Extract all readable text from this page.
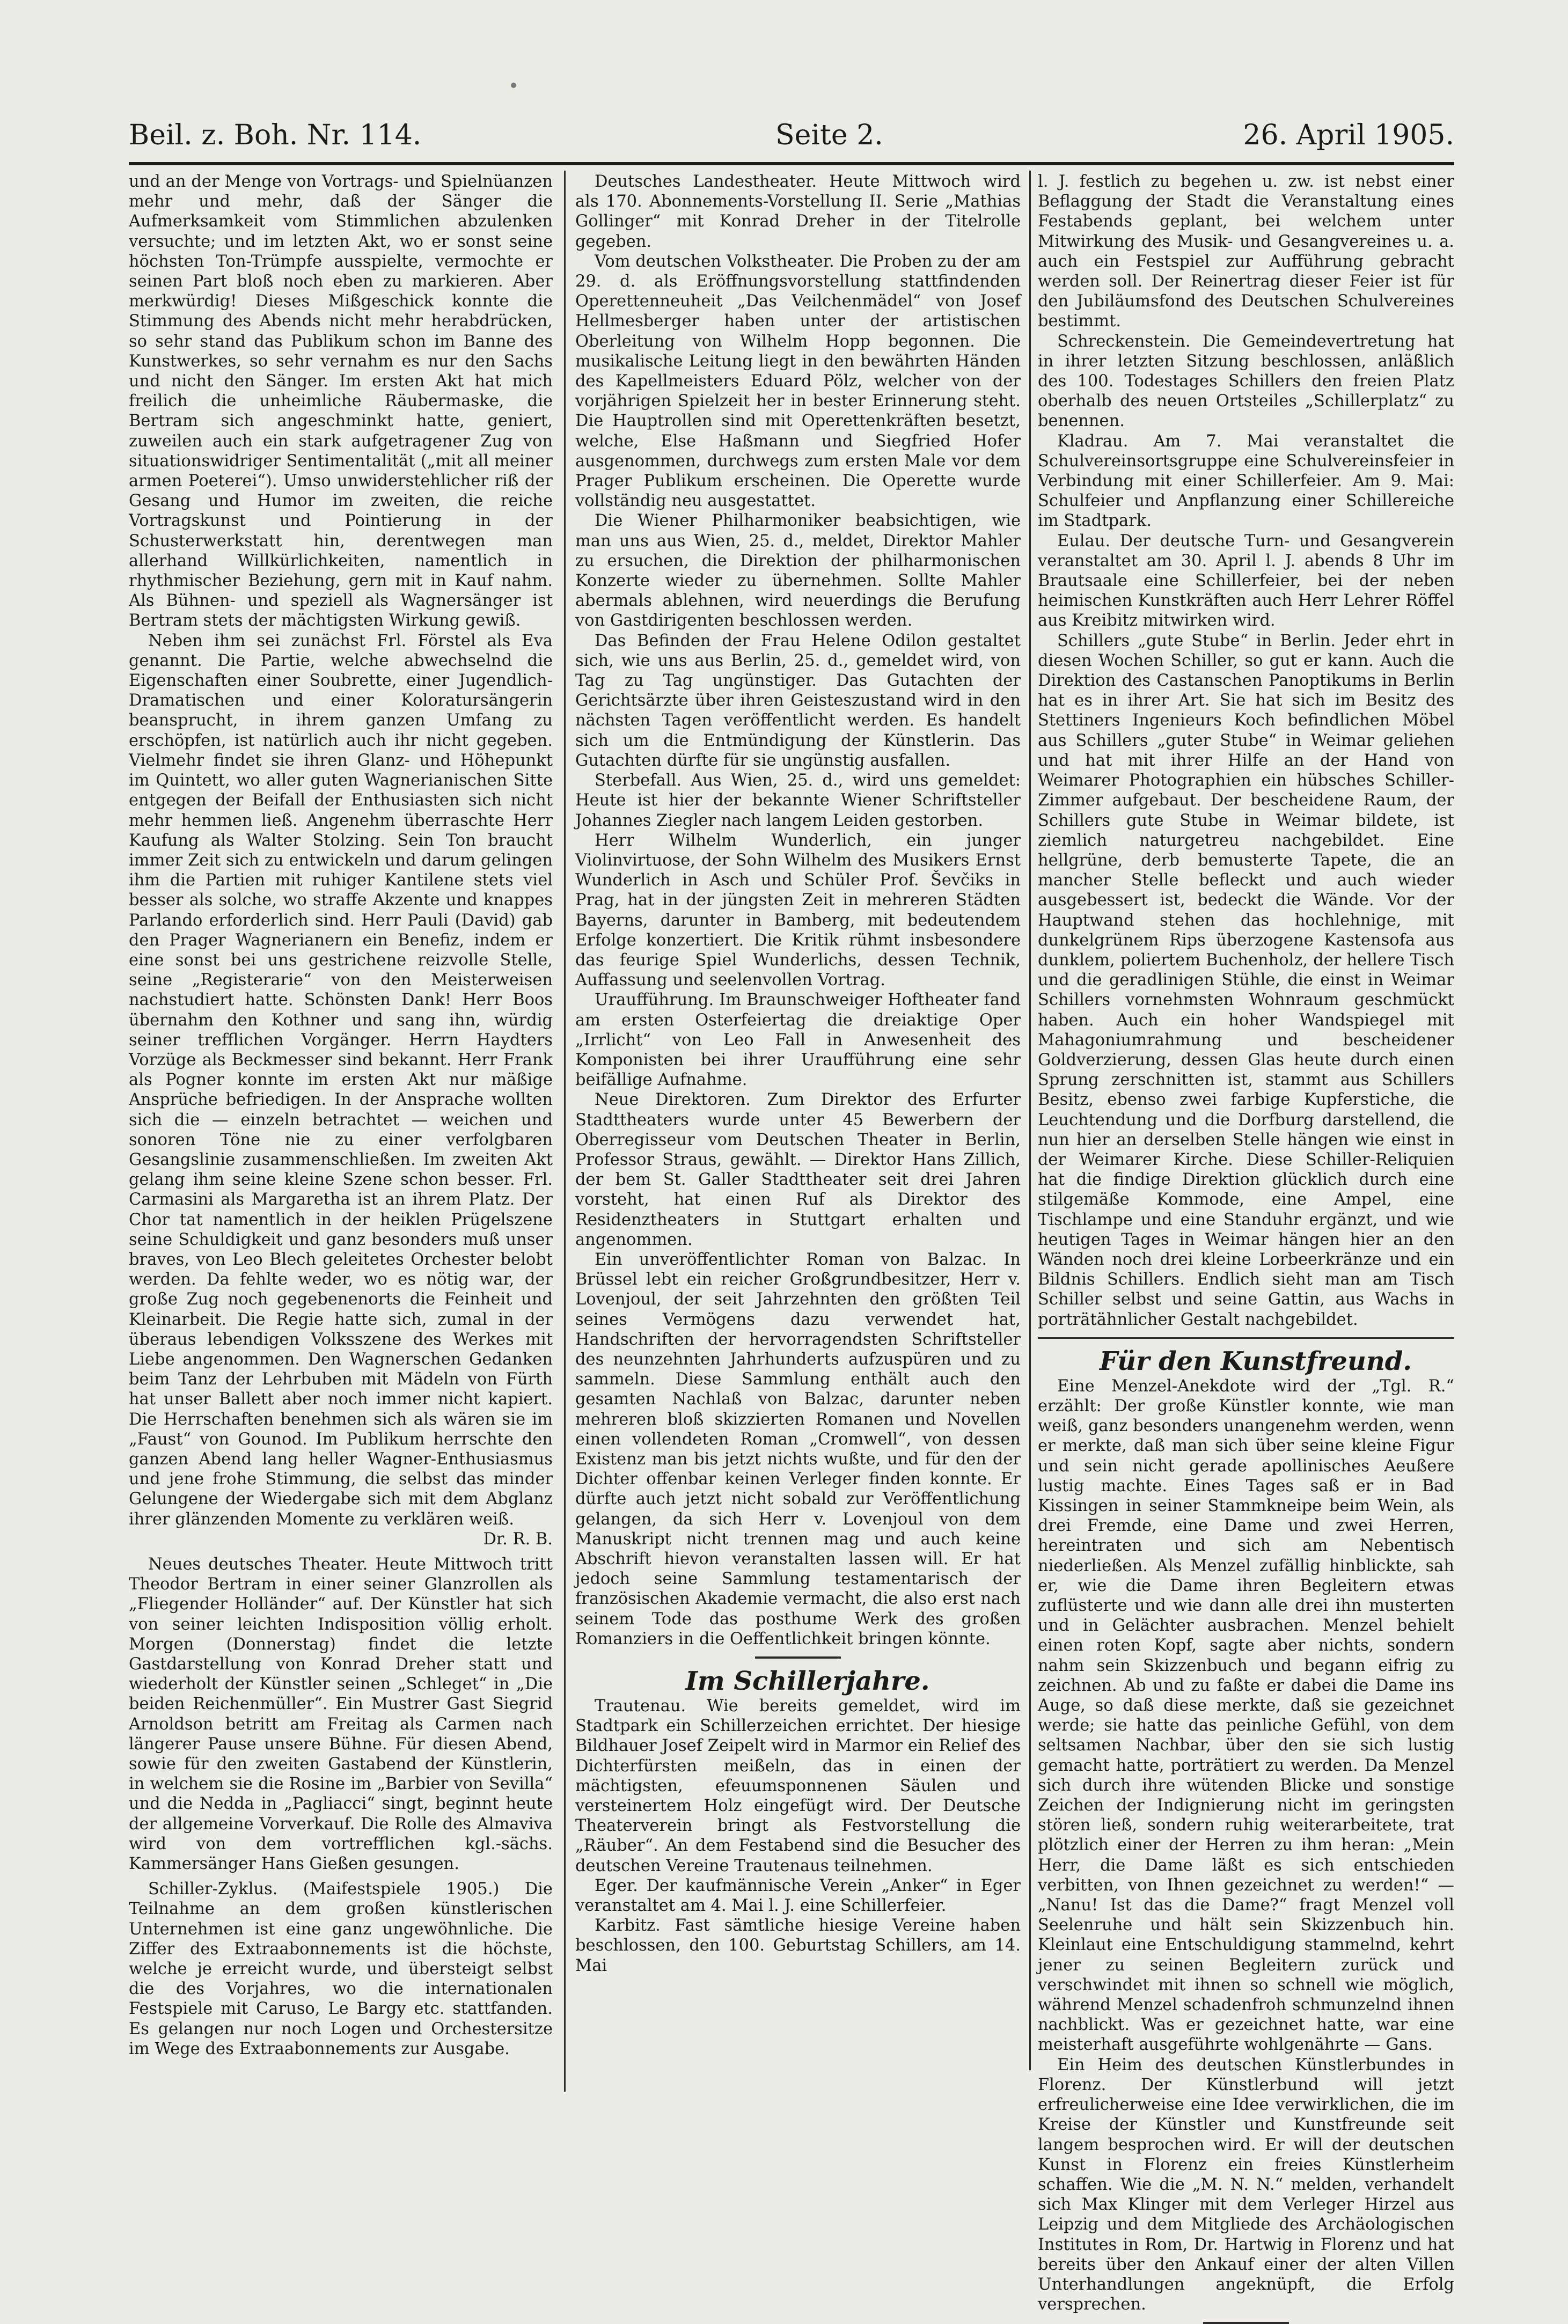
Beil. z. Boh. Nr. 114.	Seite 2.	26. April 1905.

und an der Menge von Vortrags- und Spielnüanzen mehr und mehr, daß der Sänger die Aufmerksamkeit vom Stimmlichen abzulenken versuchte; und im letzten Akt, wo er sonst seine höchsten Ton-Trümpfe ausspielte, vermochte er seinen Part bloß noch eben zu markieren. Aber merkwürdig! Dieses Mißgeschick konnte die Stimmung des Abends nicht mehr herabdrücken, so sehr stand das Publikum schon im Banne des Kunstwerkes, so sehr vernahm es nur den Sachs und nicht den Sänger. Im ersten Akt hat mich freilich die unheimliche Räubermaske, die Bertram sich angeschminkt hatte, geniert, zuweilen auch ein stark aufgetragener Zug von situationswidriger Sentimentalität („mit all meiner armen Poeterei“). Umso unwiderstehlicher riß der Gesang und Humor im zweiten, die reiche Vortragskunst und Pointierung in der Schusterwerkstatt hin, derentwegen man allerhand Willkürlichkeiten, namentlich in rhythmischer Beziehung, gern mit in Kauf nahm. Als Bühnen- und speziell als Wagnersänger ist Bertram stets der mächtigsten Wirkung gewiß.

Neben ihm sei zunächst Frl. Förstel als Eva genannt. Die Partie, welche abwechselnd die Eigenschaften einer Soubrette, einer Jugendlich-Dramatischen und einer Koloratursängerin beansprucht, in ihrem ganzen Umfang zu erschöpfen, ist natürlich auch ihr nicht gegeben. Vielmehr findet sie ihren Glanz- und Höhepunkt im Quintett, wo aller guten Wagnerianischen Sitte entgegen der Beifall der Enthusiasten sich nicht mehr hemmen ließ. Angenehm überraschte Herr Kaufung als Walter Stolzing. Sein Ton braucht immer Zeit sich zu entwickeln und darum gelingen ihm die Partien mit ruhiger Kantilene stets viel besser als solche, wo straffe Akzente und knappes Parlando erforderlich sind. Herr Pauli (David) gab den Prager Wagnerianern ein Benefiz, indem er eine sonst bei uns gestrichene reizvolle Stelle, seine „Registerarie“ von den Meisterweisen nachstudiert hatte. Schönsten Dank! Herr Boos übernahm den Kothner und sang ihn, würdig seiner trefflichen Vorgänger. Herrn Haydters Vorzüge als Beckmesser sind bekannt. Herr Frank als Pogner konnte im ersten Akt nur mäßige Ansprüche befriedigen. In der Ansprache wollten sich die — einzeln betrachtet — weichen und sonoren Töne nie zu einer verfolgbaren Gesangslinie zusammenschließen. Im zweiten Akt gelang ihm seine kleine Szene schon besser. Frl. Carmasini als Margaretha ist an ihrem Platz. Der Chor tat namentlich in der heiklen Prügelszene seine Schuldigkeit und ganz besonders muß unser braves, von Leo Blech geleitetes Orchester belobt werden. Da fehlte weder, wo es nötig war, der große Zug noch gegebenenorts die Feinheit und Kleinarbeit. Die Regie hatte sich, zumal in der überaus lebendigen Volksszene des Werkes mit Liebe angenommen. Den Wagnerschen Gedanken beim Tanz der Lehrbuben mit Mädeln von Fürth hat unser Ballett aber noch immer nicht kapiert. Die Herrschaften benehmen sich als wären sie im „Faust“ von Gounod. Im Publikum herrschte den ganzen Abend lang heller Wagner-Enthusiasmus und jene frohe Stimmung, die selbst das minder Gelungene der Wiedergabe sich mit dem Abglanz ihrer glänzenden Momente zu verklären weiß.

Dr. R. B.

Neues deutsches Theater. Heute Mittwoch tritt Theodor Bertram in einer seiner Glanzrollen als „Fliegender Holländer“ auf. Der Künstler hat sich von seiner leichten Indisposition völlig erholt. Morgen (Donnerstag) findet die letzte Gastdarstellung von Konrad Dreher statt und wiederholt der Künstler seinen „Schleget“ in „Die beiden Reichenmüller“. Ein Mustrer Gast Siegrid Arnoldson betritt am Freitag als Carmen nach längerer Pause unsere Bühne. Für diesen Abend, sowie für den zweiten Gastabend der Künstlerin, in welchem sie die Rosine im „Barbier von Sevilla“ und die Nedda in „Pagliacci“ singt, beginnt heute der allgemeine Vorverkauf. Die Rolle des Almaviva wird von dem vortrefflichen kgl.-sächs. Kammersänger Hans Gießen gesungen.

Schiller-Zyklus. (Maifestspiele 1905.) Die Teilnahme an dem großen künstlerischen Unternehmen ist eine ganz ungewöhnliche. Die Ziffer des Extraabonnements ist die höchste, welche je erreicht wurde, und übersteigt selbst die des Vorjahres, wo die internationalen Festspiele mit Caruso, Le Bargy etc. stattfanden. Es gelangen nur noch Logen und Orchestersitze im Wege des Extraabonnements zur Ausgabe.

Deutsches Landestheater. Heute Mittwoch wird als 170. Abonnements-Vorstellung II. Serie „Mathias Gollinger“ mit Konrad Dreher in der Titelrolle gegeben.

Vom deutschen Volkstheater. Die Proben zu der am 29. d. als Eröffnungsvorstellung stattfindenden Operettenneuheit „Das Veilchenmädel“ von Josef Hellmesberger haben unter der artistischen Oberleitung von Wilhelm Hopp begonnen. Die musikalische Leitung liegt in den bewährten Händen des Kapellmeisters Eduard Pölz, welcher von der vorjährigen Spielzeit her in bester Erinnerung steht. Die Hauptrollen sind mit Operettenkräften besetzt, welche, Else Haßmann und Siegfried Hofer ausgenommen, durchwegs zum ersten Male vor dem Prager Publikum erscheinen. Die Operette wurde vollständig neu ausgestattet.

Die Wiener Philharmoniker beabsichtigen, wie man uns aus Wien, 25. d., meldet, Direktor Mahler zu ersuchen, die Direktion der philharmonischen Konzerte wieder zu übernehmen. Sollte Mahler abermals ablehnen, wird neuerdings die Berufung von Gastdirigenten beschlossen werden.

Das Befinden der Frau Helene Odilon gestaltet sich, wie uns aus Berlin, 25. d., gemeldet wird, von Tag zu Tag ungünstiger. Das Gutachten der Gerichtsärzte über ihren Geisteszustand wird in den nächsten Tagen veröffentlicht werden. Es handelt sich um die Entmündigung der Künstlerin. Das Gutachten dürfte für sie ungünstig ausfallen.

Sterbefall. Aus Wien, 25. d., wird uns gemeldet: Heute ist hier der bekannte Wiener Schriftsteller Johannes Ziegler nach langem Leiden gestorben.

Herr Wilhelm Wunderlich, ein junger Violinvirtuose, der Sohn Wilhelm des Musikers Ernst Wunderlich in Asch und Schüler Prof. Ševčiks in Prag, hat in der jüngsten Zeit in mehreren Städten Bayerns, darunter in Bamberg, mit bedeutendem Erfolge konzertiert. Die Kritik rühmt insbesondere das feurige Spiel Wunderlichs, dessen Technik, Auffassung und seelenvollen Vortrag.

Uraufführung. Im Braunschweiger Hoftheater fand am ersten Osterfeiertag die dreiaktige Oper „Irrlicht“ von Leo Fall in Anwesenheit des Komponisten bei ihrer Uraufführung eine sehr beifällige Aufnahme.

Neue Direktoren. Zum Direktor des Erfurter Stadttheaters wurde unter 45 Bewerbern der Oberregisseur vom Deutschen Theater in Berlin, Professor Straus, gewählt. — Direktor Hans Zillich, der bem St. Galler Stadttheater seit drei Jahren vorsteht, hat einen Ruf als Direktor des Residenztheaters in Stuttgart erhalten und angenommen.

Ein unveröffentlichter Roman von Balzac. In Brüssel lebt ein reicher Großgrundbesitzer, Herr v. Lovenjoul, der seit Jahrzehnten den größten Teil seines Vermögens dazu verwendet hat, Handschriften der hervorragendsten Schriftsteller des neunzehnten Jahrhunderts aufzuspüren und zu sammeln. Diese Sammlung enthält auch den gesamten Nachlaß von Balzac, darunter neben mehreren bloß skizzierten Romanen und Novellen einen vollendeten Roman „Cromwell“, von dessen Existenz man bis jetzt nichts wußte, und für den der Dichter offenbar keinen Verleger finden konnte. Er dürfte auch jetzt nicht sobald zur Veröffentlichung gelangen, da sich Herr v. Lovenjoul von dem Manuskript nicht trennen mag und auch keine Abschrift hievon veranstalten lassen will. Er hat jedoch seine Sammlung testamentarisch der französischen Akademie vermacht, die also erst nach seinem Tode das posthume Werk des großen Romanziers in die Oeffentlichkeit bringen könnte.

Im Schillerjahre.

Trautenau. Wie bereits gemeldet, wird im Stadtpark ein Schillerzeichen errichtet. Der hiesige Bildhauer Josef Zeipelt wird in Marmor ein Relief des Dichterfürsten meißeln, das in einen der mächtigsten, efeuumsponnenen Säulen und versteinertem Holz eingefügt wird. Der Deutsche Theaterverein bringt als Festvorstellung die „Räuber“. An dem Festabend sind die Besucher des deutschen Vereine Trautenaus teilnehmen.

Eger. Der kaufmännische Verein „Anker“ in Eger veranstaltet am 4. Mai l. J. eine Schillerfeier.

Karbitz. Fast sämtliche hiesige Vereine haben beschlossen, den 100. Geburtstag Schillers, am 14. Mai

l. J. festlich zu begehen u. zw. ist nebst einer Beflaggung der Stadt die Veranstaltung eines Festabends geplant, bei welchem unter Mitwirkung des Musik- und Gesangvereines u. a. auch ein Festspiel zur Aufführung gebracht werden soll. Der Reinertrag dieser Feier ist für den Jubiläumsfond des Deutschen Schulvereines bestimmt.

Schreckenstein. Die Gemeindevertretung hat in ihrer letzten Sitzung beschlossen, anläßlich des 100. Todestages Schillers den freien Platz oberhalb des neuen Ortsteiles „Schillerplatz“ zu benennen.

Kladrau. Am 7. Mai veranstaltet die Schulvereinsortsgruppe eine Schulvereinsfeier in Verbindung mit einer Schillerfeier. Am 9. Mai: Schulfeier und Anpflanzung einer Schillereiche im Stadtpark.

Eulau. Der deutsche Turn- und Gesangverein veranstaltet am 30. April l. J. abends 8 Uhr im Brautsaale eine Schillerfeier, bei der neben heimischen Kunstkräften auch Herr Lehrer Röffel aus Kreibitz mitwirken wird.

Schillers „gute Stube“ in Berlin. Jeder ehrt in diesen Wochen Schiller, so gut er kann. Auch die Direktion des Castanschen Panoptikums in Berlin hat es in ihrer Art. Sie hat sich im Besitz des Stettiners Ingenieurs Koch befindlichen Möbel aus Schillers „guter Stube“ in Weimar geliehen und hat mit ihrer Hilfe an der Hand von Weimarer Photographien ein hübsches Schiller-Zimmer aufgebaut. Der bescheidene Raum, der Schillers gute Stube in Weimar bildete, ist ziemlich naturgetreu nachgebildet. Eine hellgrüne, derb bemusterte Tapete, die an mancher Stelle befleckt und auch wieder ausgebessert ist, bedeckt die Wände. Vor der Hauptwand stehen das hochlehnige, mit dunkelgrünem Rips überzogene Kastensofa aus dunklem, poliertem Buchenholz, der hellere Tisch und die geradlinigen Stühle, die einst in Weimar Schillers vornehmsten Wohnraum geschmückt haben. Auch ein hoher Wandspiegel mit Mahagoniumrahmung und bescheidener Goldverzierung, dessen Glas heute durch einen Sprung zerschnitten ist, stammt aus Schillers Besitz, ebenso zwei farbige Kupferstiche, die Leuchtendung und die Dorfburg darstellend, die nun hier an derselben Stelle hängen wie einst in der Weimarer Kirche. Diese Schiller-Reliquien hat die findige Direktion glücklich durch eine stilgemäße Kommode, eine Ampel, eine Tischlampe und eine Standuhr ergänzt, und wie heutigen Tages in Weimar hängen hier an den Wänden noch drei kleine Lorbeerkränze und ein Bildnis Schillers. Endlich sieht man am Tisch Schiller selbst und seine Gattin, aus Wachs in porträtähnlicher Gestalt nachgebildet.

Für den Kunstfreund.

Eine Menzel-Anekdote wird der „Tgl. R.“ erzählt: Der große Künstler konnte, wie man weiß, ganz besonders unangenehm werden, wenn er merkte, daß man sich über seine kleine Figur und sein nicht gerade apollinisches Aeußere lustig machte. Eines Tages saß er in Bad Kissingen in seiner Stammkneipe beim Wein, als drei Fremde, eine Dame und zwei Herren, hereintraten und sich am Nebentisch niederließen. Als Menzel zufällig hinblickte, sah er, wie die Dame ihren Begleitern etwas zuflüsterte und wie dann alle drei ihn musterten und in Gelächter ausbrachen. Menzel behielt einen roten Kopf, sagte aber nichts, sondern nahm sein Skizzenbuch und begann eifrig zu zeichnen. Ab und zu faßte er dabei die Dame ins Auge, so daß diese merkte, daß sie gezeichnet werde; sie hatte das peinliche Gefühl, von dem seltsamen Nachbar, über den sie sich lustig gemacht hatte, porträtiert zu werden. Da Menzel sich durch ihre wütenden Blicke und sonstige Zeichen der Indignierung nicht im geringsten stören ließ, sondern ruhig weiterarbeitete, trat plötzlich einer der Herren zu ihm heran: „Mein Herr, die Dame läßt es sich entschieden verbitten, von Ihnen gezeichnet zu werden!“ — „Nanu! Ist das die Dame?“ fragt Menzel voll Seelenruhe und hält sein Skizzenbuch hin. Kleinlaut eine Entschuldigung stammelnd, kehrt jener zu seinen Begleitern zurück und verschwindet mit ihnen so schnell wie möglich, während Menzel schadenfroh schmunzelnd ihnen nachblickt. Was er gezeichnet hatte, war eine meisterhaft ausgeführte wohlgenährte — Gans.

Ein Heim des deutschen Künstlerbundes in Florenz. Der Künstlerbund will jetzt erfreulicherweise eine Idee verwirklichen, die im Kreise der Künstler und Kunstfreunde seit langem besprochen wird. Er will der deutschen Kunst in Florenz ein freies Künstlerheim schaffen. Wie die „M. N. N.“ melden, verhandelt sich Max Klinger mit dem Verleger Hirzel aus Leipzig und dem Mitgliede des Archäologischen Institutes in Rom, Dr. Hartwig in Florenz und hat bereits über den Ankauf einer der alten Villen Unterhandlungen angeknüpft, die Erfolg versprechen.
